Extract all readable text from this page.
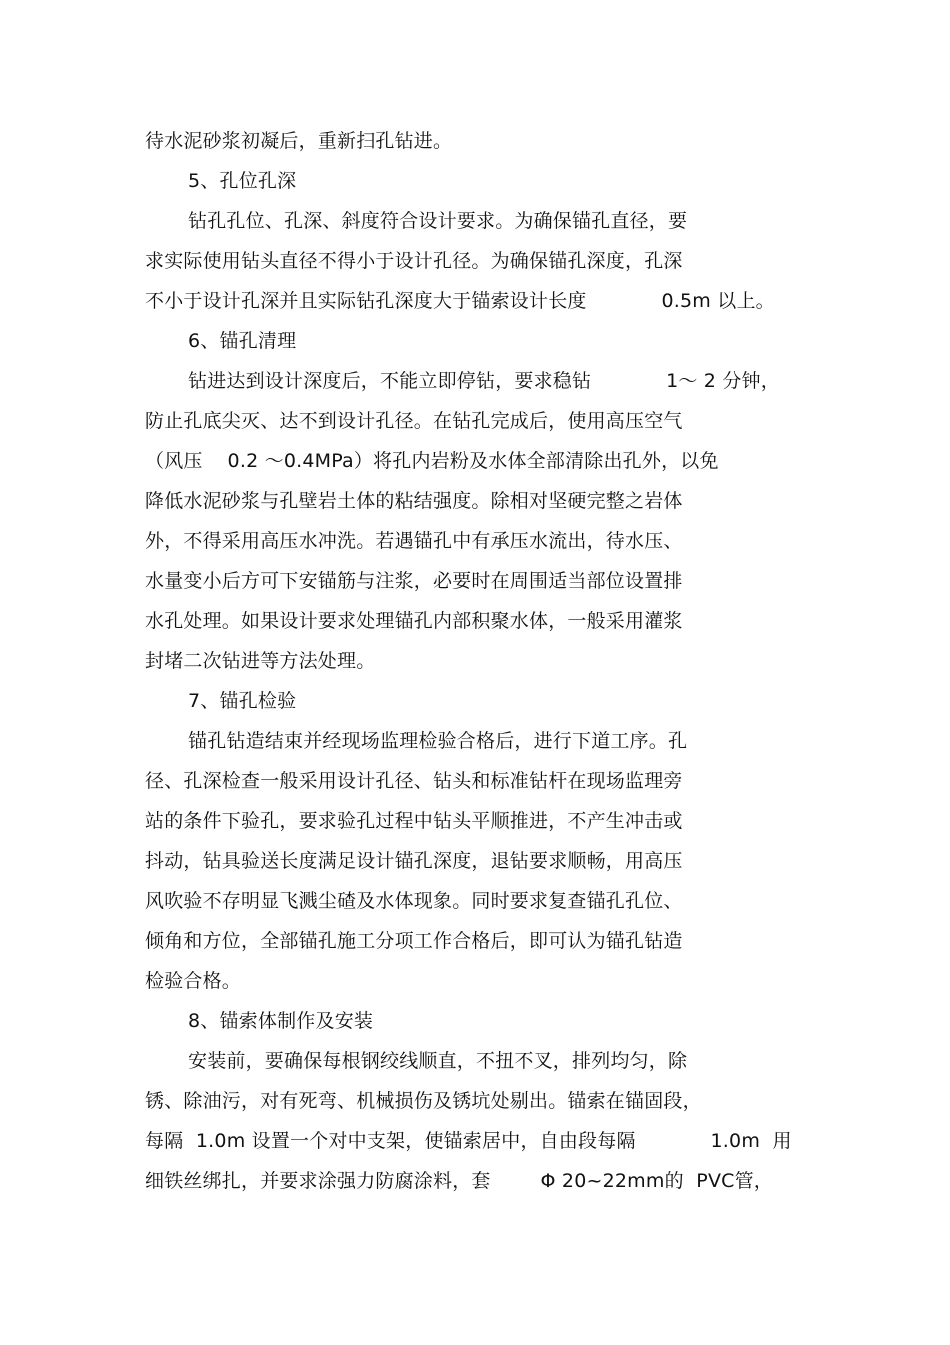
待水泥砂浆初凝后，重新扫孔钻进。
5、孔位孔深
钻孔孔位、孔深、斜度符合设计要求。为确保锚孔直径，要
求实际使用钻头直径不得小于设计孔径。为确保锚孔深度，孔深
不小于设计孔深并且实际钻孔深度大于锚索设计长度            0.5m 以上。
6、锚孔清理
钻进达到设计深度后，不能立即停钻，要求稳钻            1～ 2 分钟，
防止孔底尖灭、达不到设计孔径。在钻孔完成后，使用高压空气
（风压    0.2 ～0.4MPa）将孔内岩粉及水体全部清除出孔外，以免
降低水泥砂浆与孔壁岩土体的粘结强度。除相对坚硬完整之岩体
外，不得采用高压水冲洗。若遇锚孔中有承压水流出，待水压、
水量变小后方可下安锚筋与注浆，必要时在周围适当部位设置排
水孔处理。如果设计要求处理锚孔内部积聚水体，一般采用灌浆
封堵二次钻进等方法处理。
7、锚孔检验
锚孔钻造结束并经现场监理检验合格后，进行下道工序。孔
径、孔深检查一般采用设计孔径、钻头和标准钻杆在现场监理旁
站的条件下验孔，要求验孔过程中钻头平顺推进，不产生冲击或
抖动，钻具验送长度满足设计锚孔深度，退钻要求顺畅，用高压
风吹验不存明显飞溅尘碴及水体现象。同时要求复查锚孔孔位、
倾角和方位，全部锚孔施工分项工作合格后，即可认为锚孔钻造
检验合格。
8、锚索体制作及安装
安装前，要确保每根钢绞线顺直，不扭不叉，排列均匀，除
锈、除油污，对有死弯、机械损伤及锈坑处剔出。锚索在锚固段，
每隔  1.0m 设置一个对中支架，使锚索居中，自由段每隔            1.0m  用
细铁丝绑扎，并要求涂强力防腐涂料，套        Φ 20~22mm的  PVC管，
